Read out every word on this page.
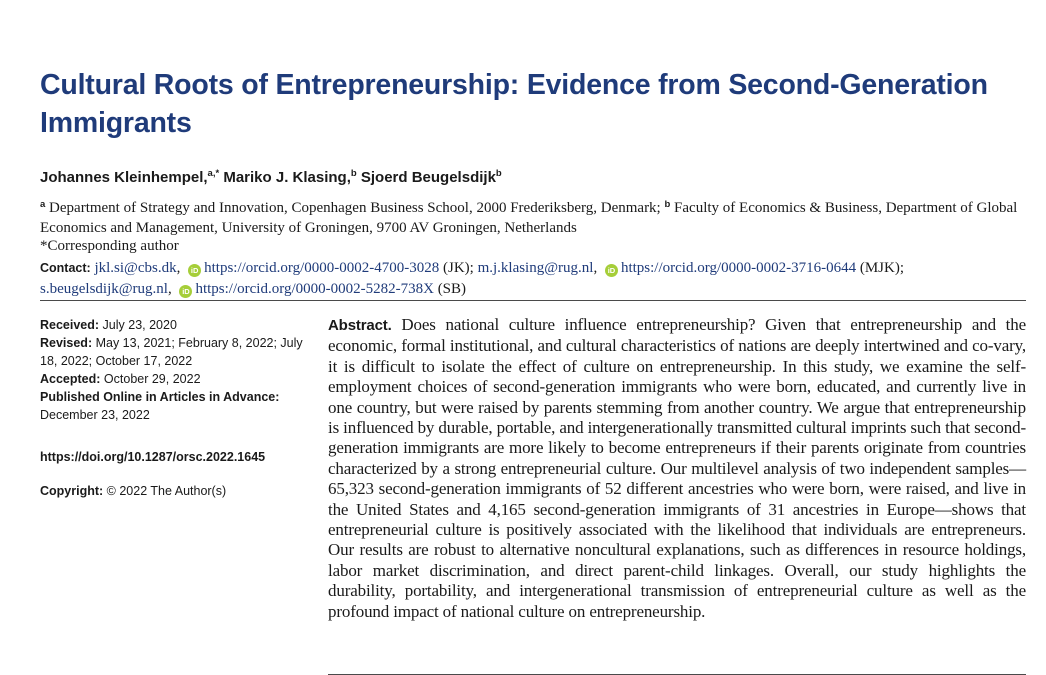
Cultural Roots of Entrepreneurship: Evidence from Second-Generation Immigrants
Johannes Kleinhempel,$^{a,*}$ Mariko J. Klasing,$^b$ Sjoerd Beugelsdijk$^b$
$^a$ Department of Strategy and Innovation, Copenhagen Business School, 2000 Frederiksberg, Denmark; $^b$ Faculty of Economics & Business, Department of Global Economics and Management, University of Groningen, 9700 AV Groningen, Netherlands
*Corresponding author
Contact: jkl.si@cbs.dk, iD https://orcid.org/0000-0002-4700-3028 (JK); m.j.klasing@rug.nl, iD https://orcid.org/0000-0002-3716-0644 (MJK);
s.beugelsdijk@rug.nl, iD https://orcid.org/0000-0002-5282-738X (SB)
Received: July 23, 2020
Revised: May 13, 2021; February 8, 2022; July 18, 2022; October 17, 2022
Accepted: October 29, 2022
Published Online in Articles in Advance:
December 23, 2022
https://doi.org/10.1287/orsc.2022.1645
Copyright: © 2022 The Author(s)

Abstract. Does national culture influence entrepreneurship? Given that entrepreneurship and the economic, formal institutional, and cultural characteristics of nations are deeply intertwined and co-vary, it is difficult to isolate the effect of culture on entrepreneurship. In this study, we examine the self-employment choices of second-generation immigrants who were born, educated, and currently live in one country, but were raised by parents stemming from another country. We argue that entrepreneurship is influenced by durable, portable, and intergenerationally transmitted cultural imprints such that second-generation immigrants are more likely to become entrepreneurs if their parents originate from countries characterized by a strong entrepreneurial culture. Our multilevel analysis of two independent samples—65,323 second-generation immigrants of 52 different ancestries who were born, were raised, and live in the United States and 4,165 second-generation immigrants of 31 ancestries in Europe—shows that entrepreneurial culture is positively associated with the likelihood that individuals are entrepreneurs. Our results are robust to alternative noncultural explanations, such as differences in resource holdings, labor market discrimination, and direct parent-child linkages. Overall, our study highlights the durability, portability, and intergenerational transmission of entrepreneurial culture as well as the profound impact of national culture on entrepreneurship.
